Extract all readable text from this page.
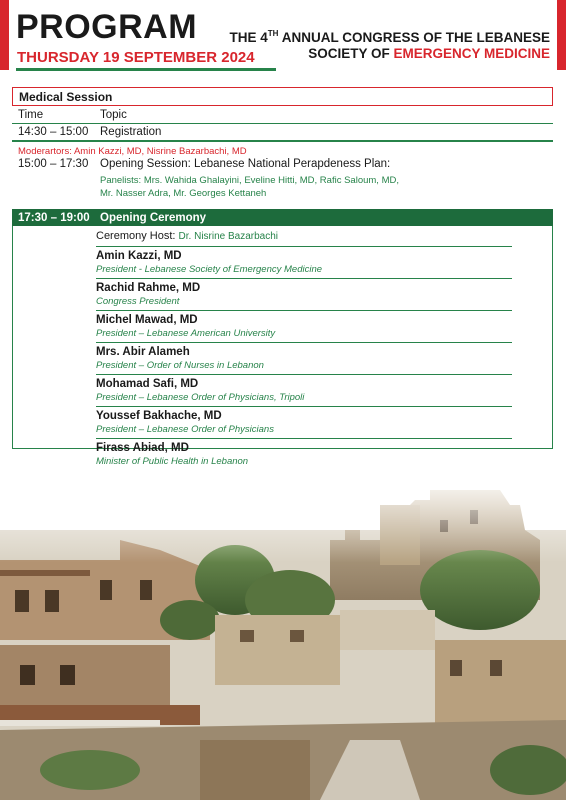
PROGRAM
THURSDAY 19 SEPTEMBER 2024
THE 4TH ANNUAL CONGRESS OF THE LEBANESE
SOCIETY OF EMERGENCY MEDICINE
Medical Session
Time	Topic
14:30 – 15:00	Registration
Moderartors: Amin Kazzi, MD, Nisrine Bazarbachi, MD
15:00 – 17:30	Opening Session: Lebanese National Perapdeness Plan:
Panelists: Mrs. Wahida Ghalayini, Eveline Hitti, MD, Rafic Saloum, MD,
Mr. Nasser Adra, Mr. Georges Kettaneh
17:30 – 19:00 Opening Ceremony
Ceremony Host: Dr. Nisrine Bazarbachi
Amin Kazzi, MD
President - Lebanese Society of Emergency Medicine
Rachid Rahme, MD
Congress President
Michel Mawad, MD
President – Lebanese American University
Mrs. Abir Alameh
President – Order of Nurses in Lebanon
Mohamad Safi, MD
President – Lebanese Order of Physicians, Tripoli
Youssef Bakhache, MD
President – Lebanese Order of Physicians
Firass Abiad, MD
Minister of Public Health in Lebanon
